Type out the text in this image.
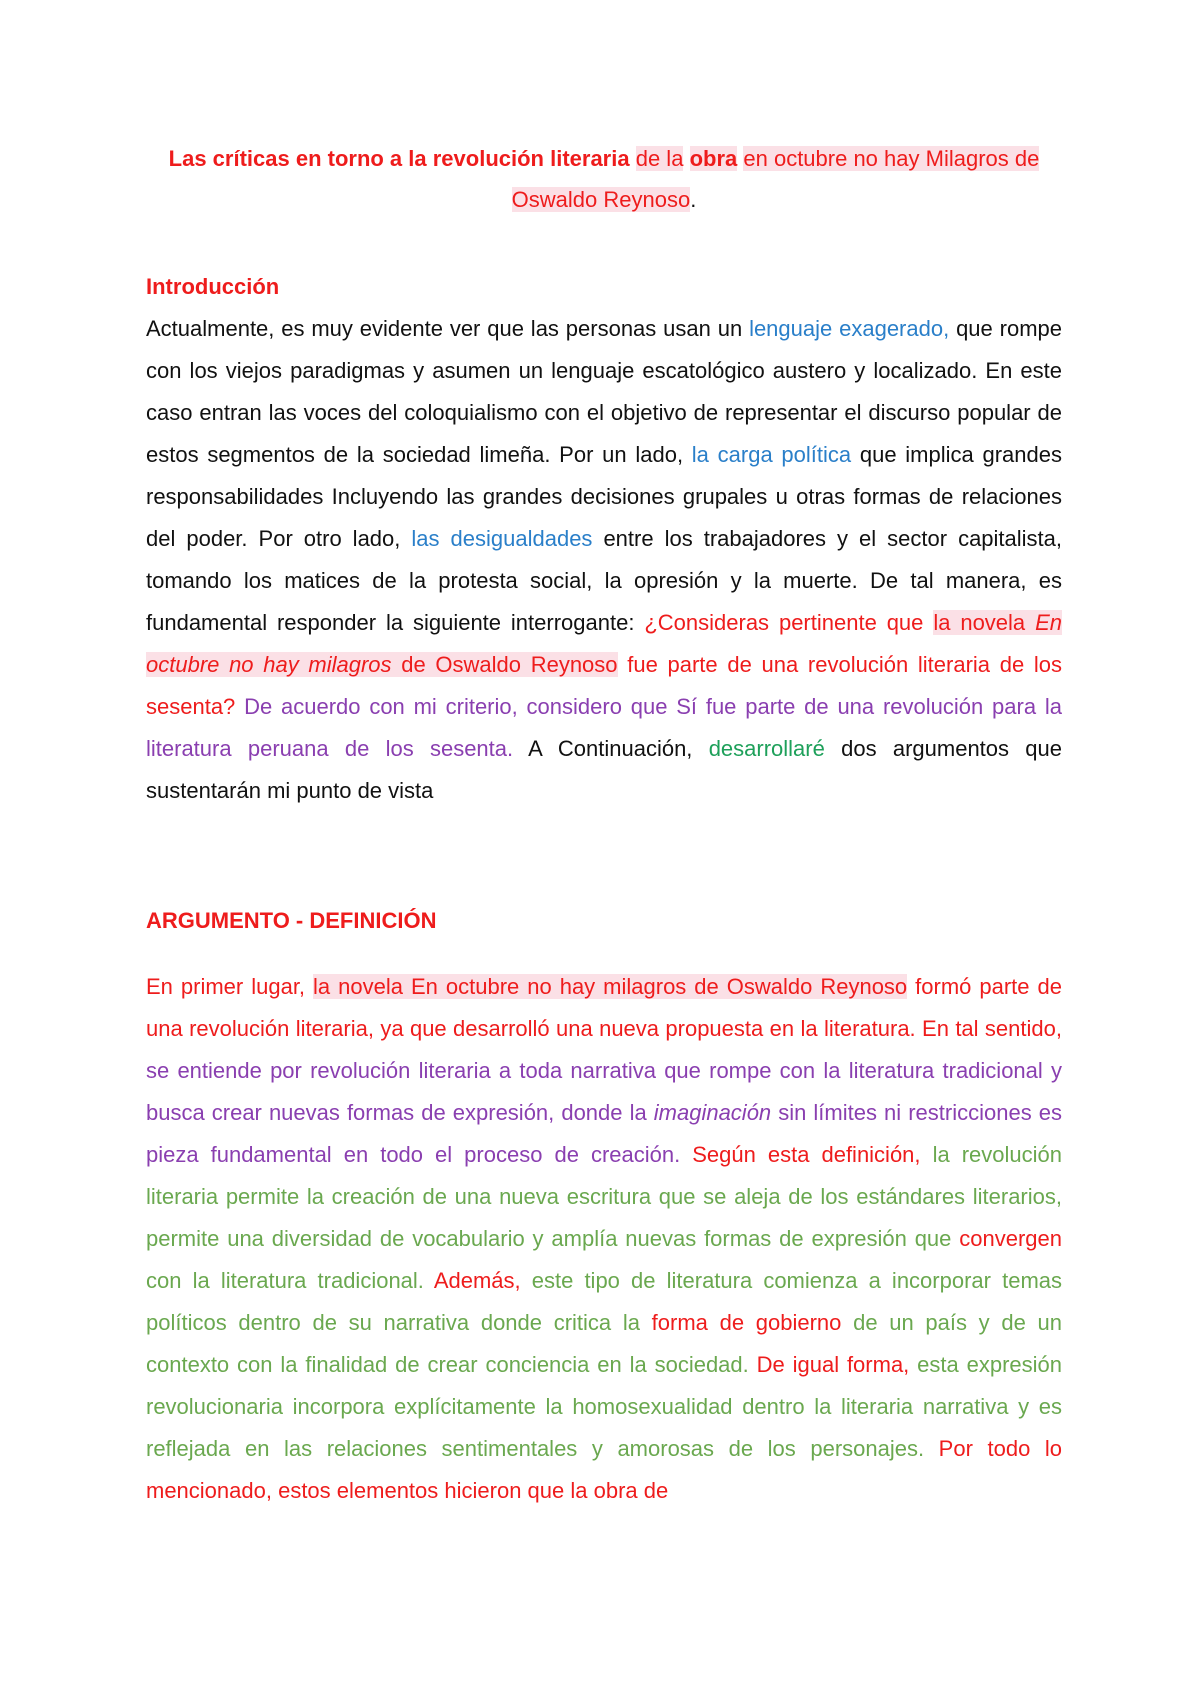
Las críticas en torno a la revolución literaria de la obra en octubre no hay Milagros de Oswaldo Reynoso.

Introducción

Actualmente, es muy evidente ver que las personas usan un lenguaje exagerado, que rompe con los viejos paradigmas y asumen un lenguaje escatológico austero y localizado. En este caso entran las voces del coloquialismo con el objetivo de representar el discurso popular de estos segmentos de la sociedad limeña. Por un lado, la carga política que implica grandes responsabilidades Incluyendo las grandes decisiones grupales u otras formas de relaciones del poder. Por otro lado, las desigualdades entre los trabajadores y el sector capitalista, tomando los matices de la protesta social, la opresión y la muerte. De tal manera, es fundamental responder la siguiente interrogante: ¿Consideras pertinente que la novela En octubre no hay milagros de Oswaldo Reynoso fue parte de una revolución literaria de los sesenta? De acuerdo con mi criterio, considero que Sí fue parte de una revolución para la literatura peruana de los sesenta. A Continuación, desarrollaré dos argumentos que sustentarán mi punto de vista

ARGUMENTO - DEFINICIÓN

En primer lugar, la novela En octubre no hay milagros de Oswaldo Reynoso formó parte de una revolución literaria, ya que desarrolló una nueva propuesta en la literatura. En tal sentido, se entiende por revolución literaria a toda narrativa que rompe con la literatura tradicional y busca crear nuevas formas de expresión, donde la imaginación sin límites ni restricciones es pieza fundamental en todo el proceso de creación. Según esta definición, la revolución literaria permite la creación de una nueva escritura que se aleja de los estándares literarios, permite una diversidad de vocabulario y amplía nuevas formas de expresión que convergen con la literatura tradicional. Además, este tipo de literatura comienza a incorporar temas políticos dentro de su narrativa donde critica la forma de gobierno de un país y de un contexto con la finalidad de crear conciencia en la sociedad. De igual forma, esta expresión revolucionaria incorpora explícitamente la homosexualidad dentro la literaria narrativa y es reflejada en las relaciones sentimentales y amorosas de los personajes. Por todo lo mencionado, estos elementos hicieron que la obra de
